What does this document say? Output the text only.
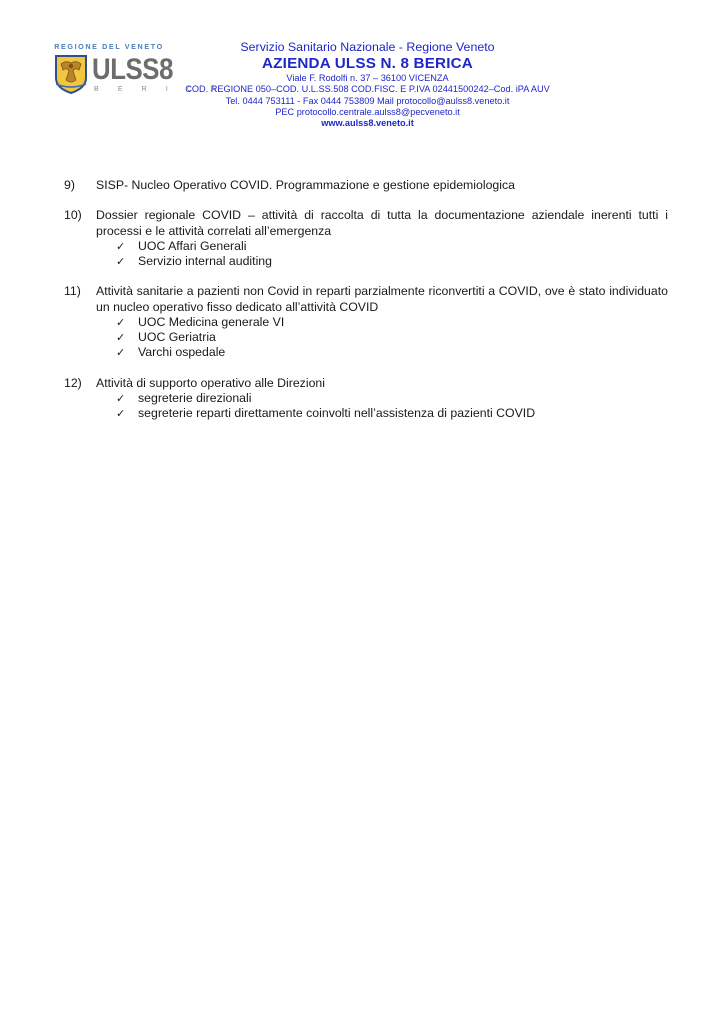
REGIONE DEL VENETO
ULSS8
B E R I C A
Servizio Sanitario Nazionale - Regione Veneto
AZIENDA ULSS N. 8 BERICA
Viale F. Rodolfi n. 37 – 36100 VICENZA
COD. REGIONE 050–COD. U.L.SS.508 COD.FISC. E P.IVA 02441500242–Cod. iPA AUV
Tel. 0444 753111 - Fax 0444 753809 Mail protocollo@aulss8.veneto.it
PEC protocollo.centrale.aulss8@pecveneto.it
www.aulss8.veneto.it
9)	SISP- Nucleo Operativo COVID. Programmazione e gestione epidemiologica

10)	Dossier regionale COVID – attività di raccolta di tutta la documentazione aziendale inerenti tutti i processi e le attività correlati all’emergenza

✓	UOC Affari Generali
✓	Servizio internal auditing
11)	Attività sanitarie a pazienti non Covid in reparti parzialmente riconvertiti a COVID, ove è stato individuato un nucleo operativo fisso dedicato all’attività COVID

✓	UOC Medicina generale VI
✓	UOC Geriatria
✓	Varchi ospedale
12)	Attività di supporto operativo alle Direzioni

✓	segreterie direzionali
✓	segreterie reparti direttamente coinvolti nell’assistenza di pazienti COVID
